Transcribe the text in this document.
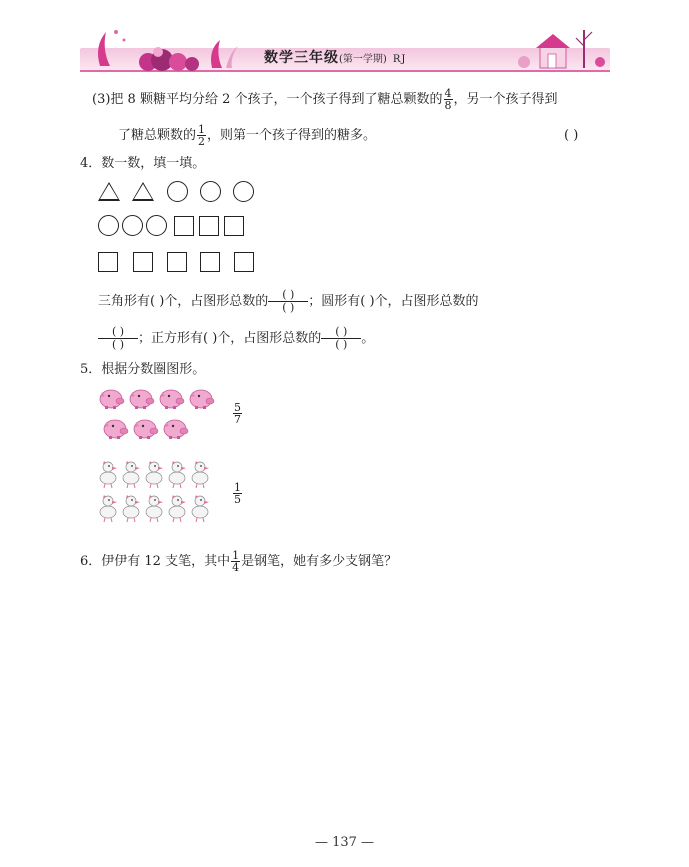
数学三年级(第一学期) RJ
(3)把 8 颗糖平均分给 2 个孩子，一个孩子得到了糖总颗数的 $\frac{4}{8}$ ，另一个孩子得到
了糖总颗数的 $\frac{1}{2}$ ，则第一个孩子得到的糖多。	( )
4．数一数，填一填。
三角形有( )个，占图形总数的 $\frac{( )}{( )}$ ；圆形有( )个，占图形总数的
$\frac{( )}{( )}$ ；正方形有( )个，占图形总数的 $\frac{( )}{( )}$ 。
5．根据分数圈图形。
$\frac{5}{7}$
$\frac{1}{5}$
6．伊伊有 12 支笔，其中 $\frac{1}{4}$ 是钢笔，她有多少支钢笔？
— 137 —
